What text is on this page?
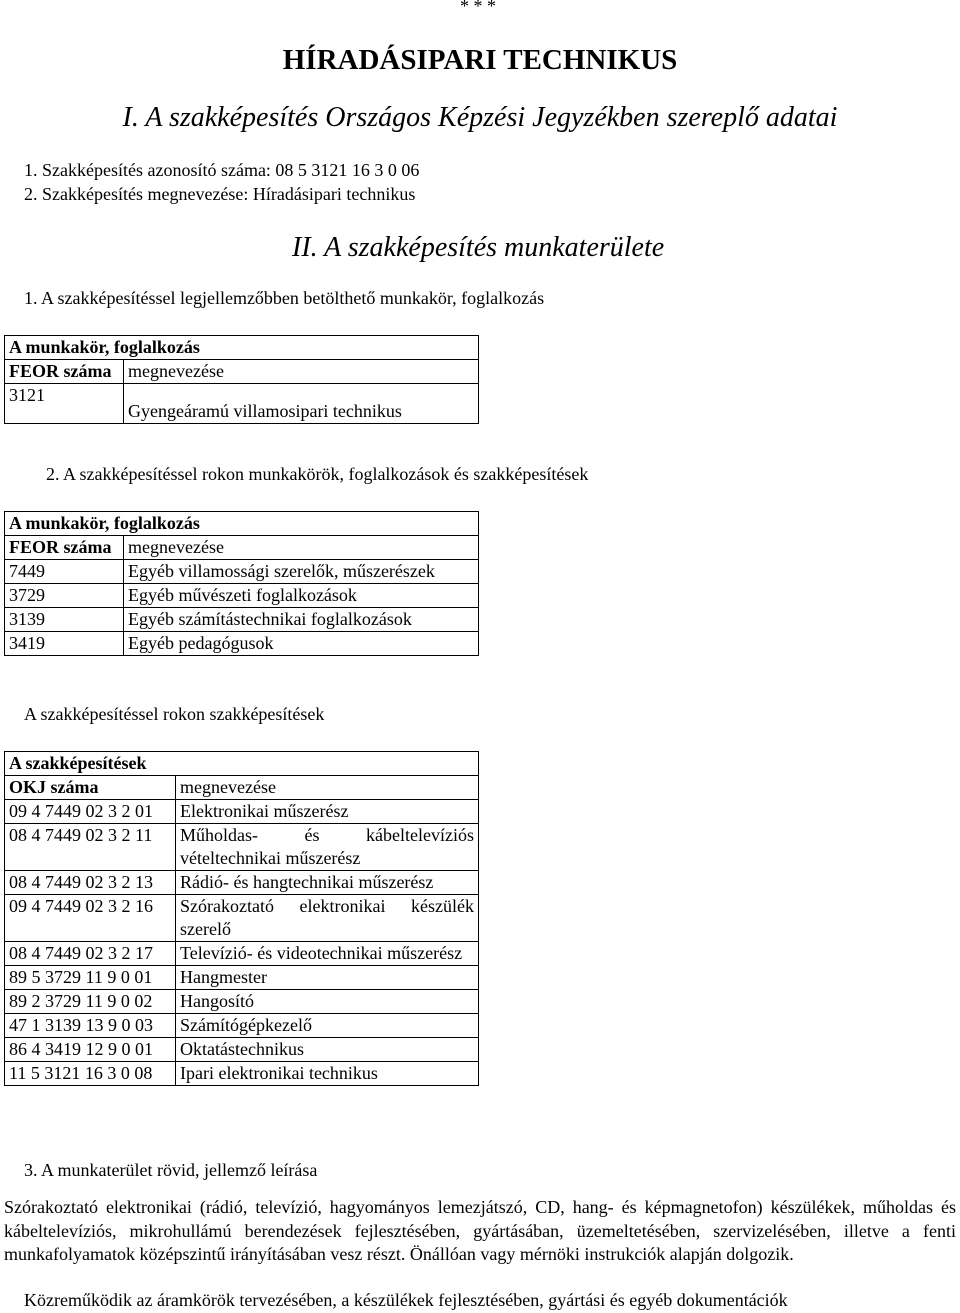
* * *
HÍRADÁSIPARI TECHNIKUS
I. A szakképesítés Országos Képzési Jegyzékben szereplő adatai
1. Szakképesítés azonosító száma: 08 5 3121 16 3 0 06
2. Szakképesítés megnevezése: Híradásipari technikus
II. A szakképesítés munkaterülete
1. A szakképesítéssel legjellemzőbben betölthető munkakör, foglalkozás
A munkakör, foglalkozás	
FEOR száma	megnevezése
3121	Gyengeáramú villamosipari technikus
2. A szakképesítéssel rokon munkakörök, foglalkozások és szakképesítések
A munkakör, foglalkozás	
FEOR száma	megnevezése
7449	Egyéb villamossági szerelők, műszerészek
3729	Egyéb művészeti foglalkozások
3139	Egyéb számítástechnikai foglalkozások
3419	Egyéb pedagógusok
A szakképesítéssel rokon szakképesítések
A szakképesítések	
OKJ száma	megnevezése
09 4 7449 02 3 2 01	Elektronikai műszerész
08 4 7449 02 3 2 11	Műholdas- és kábeltelevíziós vételtechnikai műszerész
08 4 7449 02 3 2 13	Rádió- és hangtechnikai műszerész
09 4 7449 02 3 2 16	Szórakoztató elektronikai készülék szerelő
08 4 7449 02 3 2 17	Televízió- és videotechnikai műszerész
89 5 3729 11 9 0 01	Hangmester
89 2 3729 11 9 0 02	Hangosító
47 1 3139 13 9 0 03	Számítógépkezelő
86 4 3419 12 9 0 01	Oktatástechnikus
11 5 3121 16 3 0 08	Ipari elektronikai technikus
3. A munkaterület rövid, jellemző leírása
Szórakoztató elektronikai (rádió, televízió, hagyományos lemezjátszó, CD, hang- és képmagnetofon) készülékek, műholdas és kábeltelevíziós, mikrohullámú berendezések fejlesztésében, gyártásában, üzemeltetésében, szervizelésében, illetve a fenti munkafolyamatok középszintű irányításában vesz részt. Önállóan vagy mérnöki instrukciók alapján dolgozik.
Közreműködik az áramkörök tervezésében, a készülékek fejlesztésében, gyártási és egyéb dokumentációk
